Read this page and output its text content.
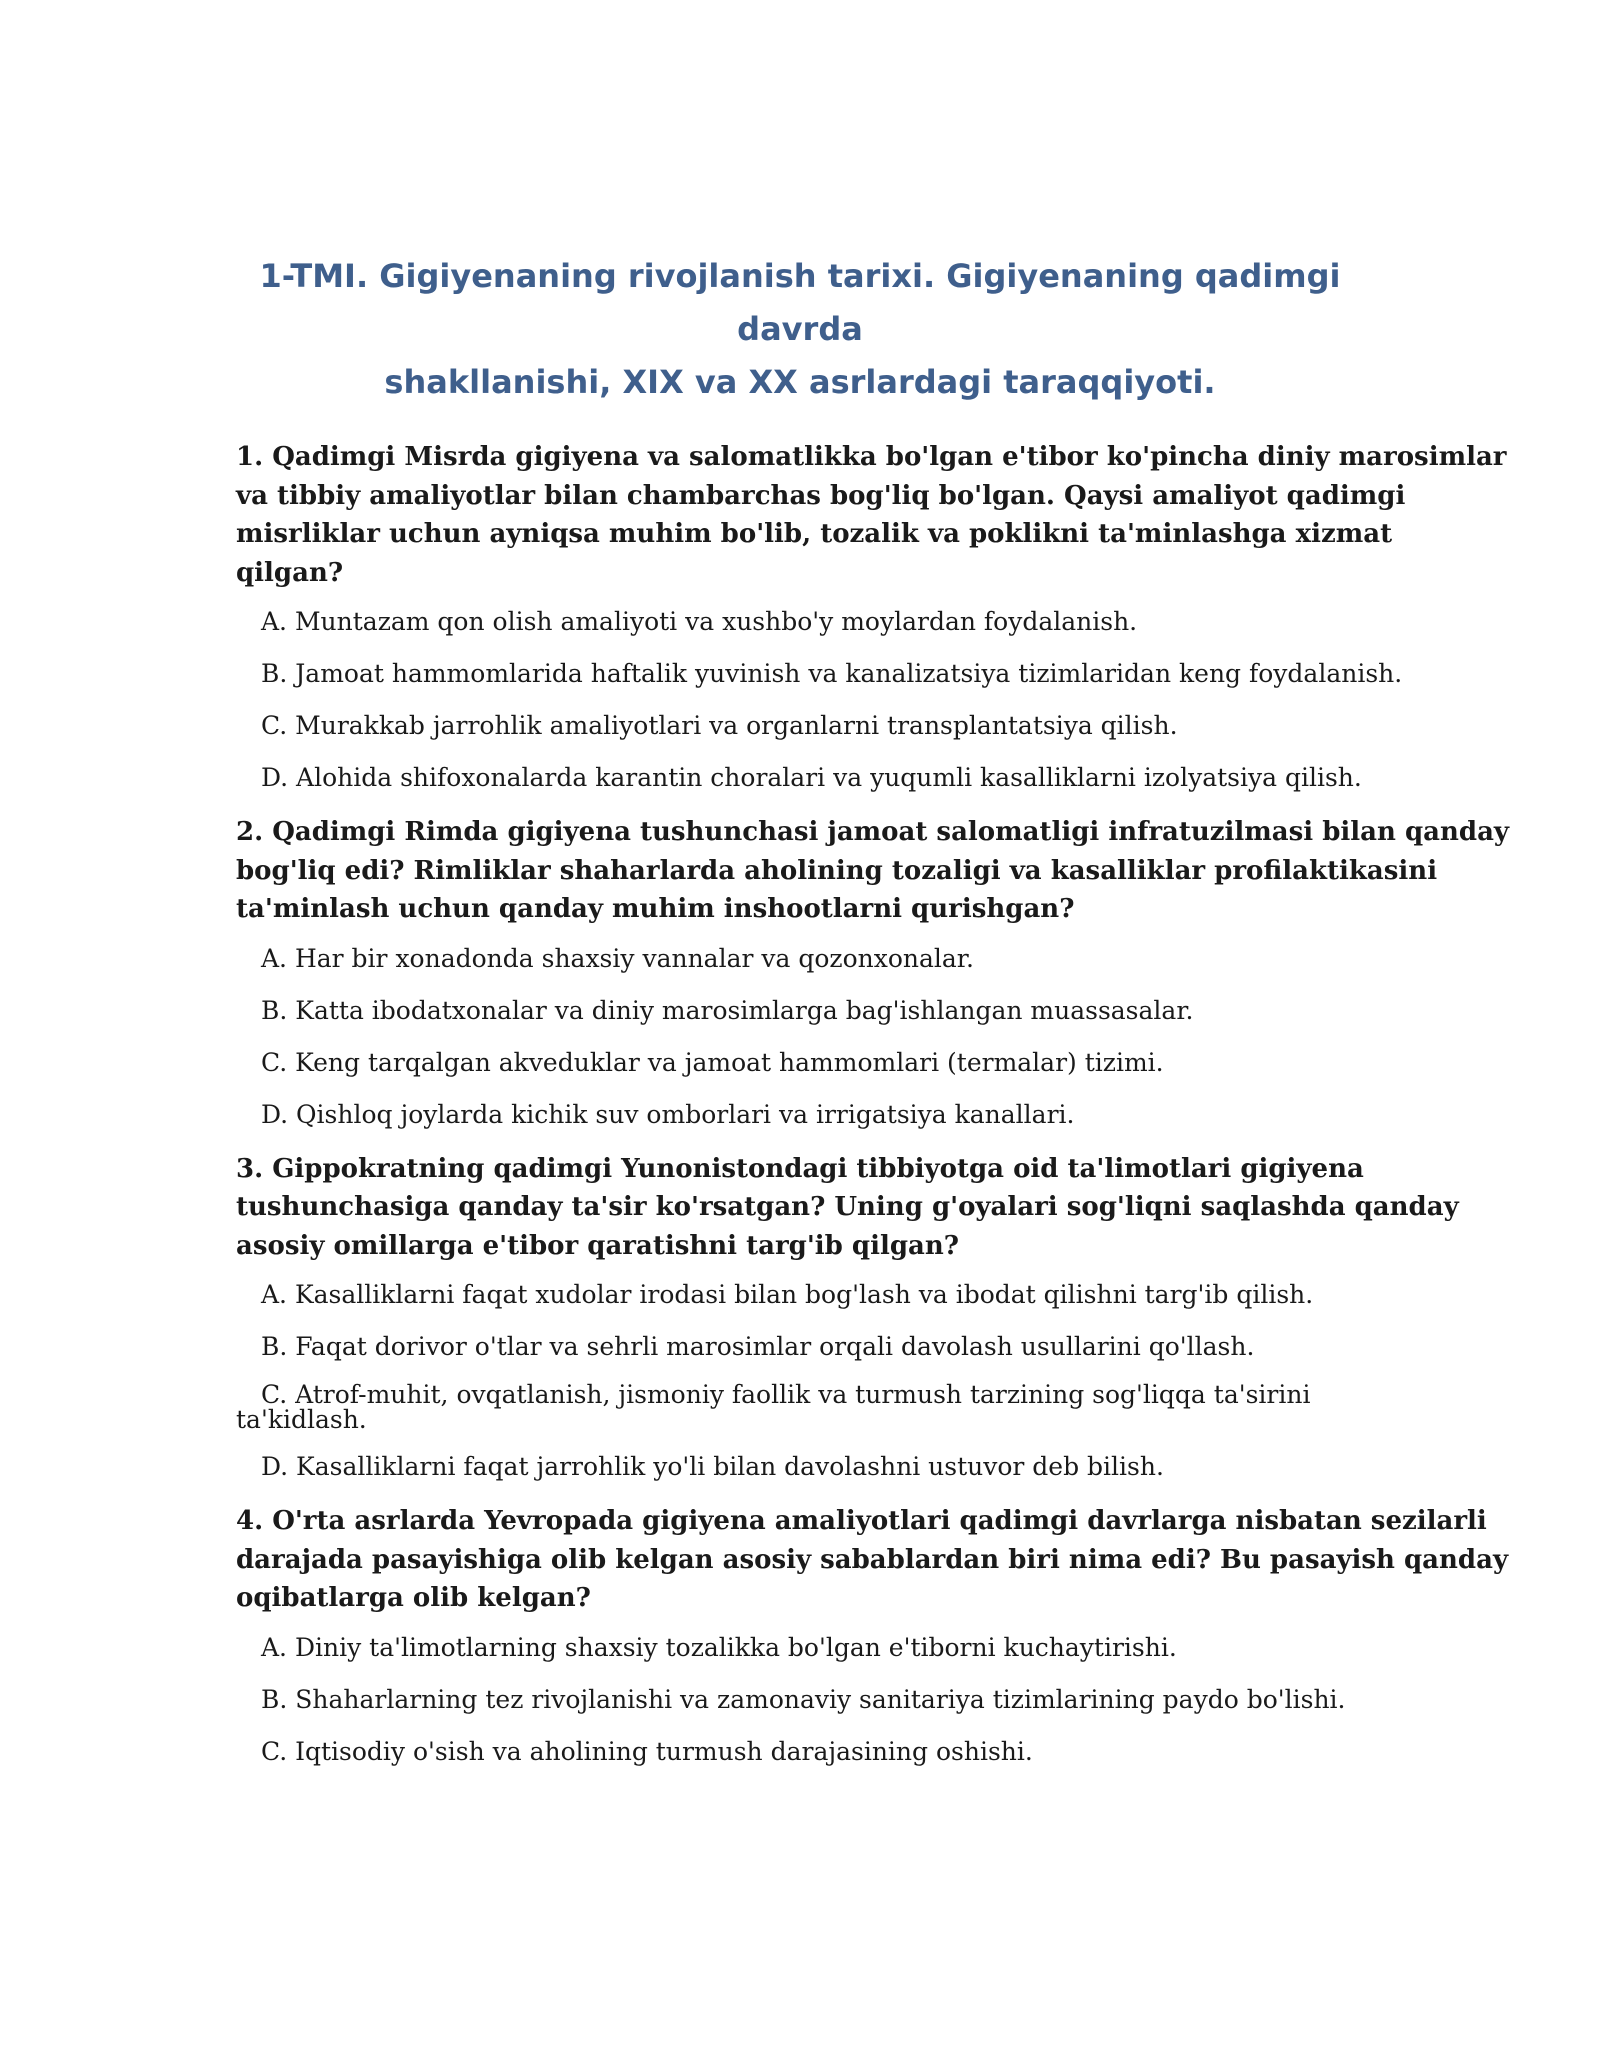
1-TMI. Gigiyenaning rivojlanish tarixi. Gigiyenaning qadimgi davrda
shakllanishi, XIX va XX asrlardagi taraqqiyoti.
1. Qadimgi Misrda gigiyena va salomatlikka bo'lgan e'tibor ko'pincha diniy marosimlar
va tibbiy amaliyotlar bilan chambarchas bog'liq bo'lgan. Qaysi amaliyot qadimgi
misrliklar uchun ayniqsa muhim bo'lib, tozalik va poklikni ta'minlashga xizmat
qilgan?
A. Muntazam qon olish amaliyoti va xushbo'y moylardan foydalanish.
B. Jamoat hammomlarida haftalik yuvinish va kanalizatsiya tizimlaridan keng foydalanish.
C. Murakkab jarrohlik amaliyotlari va organlarni transplantatsiya qilish.
D. Alohida shifoxonalarda karantin choralari va yuqumli kasalliklarni izolyatsiya qilish.
2. Qadimgi Rimda gigiyena tushunchasi jamoat salomatligi infratuzilmasi bilan qanday
bog'liq edi? Rimliklar shaharlarda aholining tozaligi va kasalliklar profilaktikasini
ta'minlash uchun qanday muhim inshootlarni qurishgan?
A. Har bir xonadonda shaxsiy vannalar va qozonxonalar.
B. Katta ibodatxonalar va diniy marosimlarga bag'ishlangan muassasalar.
C. Keng tarqalgan akveduklar va jamoat hammomlari (termalar) tizimi.
D. Qishloq joylarda kichik suv omborlari va irrigatsiya kanallari.
3. Gippokratning qadimgi Yunonistondagi tibbiyotga oid ta'limotlari gigiyena
tushunchasiga qanday ta'sir ko'rsatgan? Uning g'oyalari sog'liqni saqlashda qanday
asosiy omillarga e'tibor qaratishni targ'ib qilgan?
A. Kasalliklarni faqat xudolar irodasi bilan bog'lash va ibodat qilishni targ'ib qilish.
B. Faqat dorivor o'tlar va sehrli marosimlar orqali davolash usullarini qo'llash.
C. Atrof-muhit, ovqatlanish, jismoniy faollik va turmush tarzining sog'liqqa ta'sirini
ta'kidlash.
D. Kasalliklarni faqat jarrohlik yo'li bilan davolashni ustuvor deb bilish.
4. O'rta asrlarda Yevropada gigiyena amaliyotlari qadimgi davrlarga nisbatan sezilarli
darajada pasayishiga olib kelgan asosiy sabablardan biri nima edi? Bu pasayish qanday
oqibatlarga olib kelgan?
A. Diniy ta'limotlarning shaxsiy tozalikka bo'lgan e'tiborni kuchaytirishi.
B. Shaharlarning tez rivojlanishi va zamonaviy sanitariya tizimlarining paydo bo'lishi.
C. Iqtisodiy o'sish va aholining turmush darajasining oshishi.
